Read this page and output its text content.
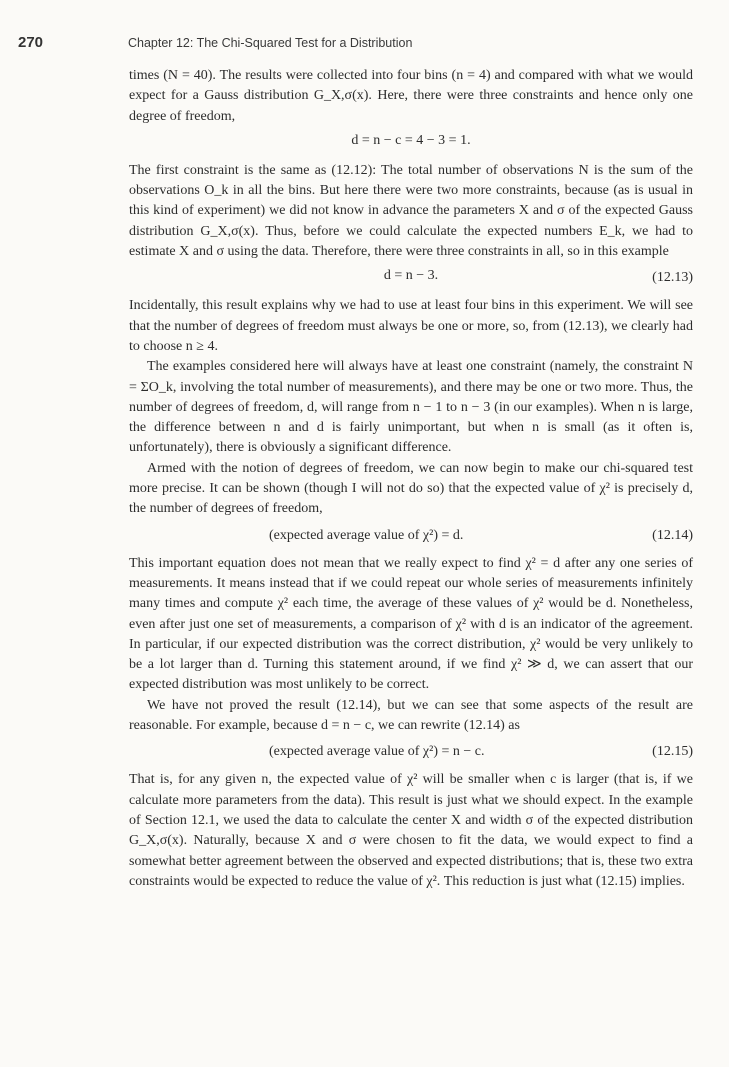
270	Chapter 12: The Chi-Squared Test for a Distribution

times (N = 40). The results were collected into four bins (n = 4) and compared with what we would expect for a Gauss distribution G_X,σ(x). Here, there were three constraints and hence only one degree of freedom,

d = n − c = 4 − 3 = 1.

The first constraint is the same as (12.12): The total number of observations N is the sum of the observations O_k in all the bins. But here there were two more constraints, because (as is usual in this kind of experiment) we did not know in advance the parameters X and σ of the expected Gauss distribution G_X,σ(x). Thus, before we could calculate the expected numbers E_k, we had to estimate X and σ using the data. Therefore, there were three constraints in all, so in this example

d = n − 3.	(12.13)

Incidentally, this result explains why we had to use at least four bins in this experiment. We will see that the number of degrees of freedom must always be one or more, so, from (12.13), we clearly had to choose n ≥ 4.

The examples considered here will always have at least one constraint (namely, the constraint N = ΣO_k, involving the total number of measurements), and there may be one or two more. Thus, the number of degrees of freedom, d, will range from n − 1 to n − 3 (in our examples). When n is large, the difference between n and d is fairly unimportant, but when n is small (as it often is, unfortunately), there is obviously a significant difference.

Armed with the notion of degrees of freedom, we can now begin to make our chi-squared test more precise. It can be shown (though I will not do so) that the expected value of χ² is precisely d, the number of degrees of freedom,

(expected average value of χ²) = d.	(12.14)

This important equation does not mean that we really expect to find χ² = d after any one series of measurements. It means instead that if we could repeat our whole series of measurements infinitely many times and compute χ² each time, the average of these values of χ² would be d. Nonetheless, even after just one set of measurements, a comparison of χ² with d is an indicator of the agreement. In particular, if our expected distribution was the correct distribution, χ² would be very unlikely to be a lot larger than d. Turning this statement around, if we find χ² ≫ d, we can assert that our expected distribution was most unlikely to be correct.

We have not proved the result (12.14), but we can see that some aspects of the result are reasonable. For example, because d = n − c, we can rewrite (12.14) as

(expected average value of χ²) = n − c.	(12.15)

That is, for any given n, the expected value of χ² will be smaller when c is larger (that is, if we calculate more parameters from the data). This result is just what we should expect. In the example of Section 12.1, we used the data to calculate the center X and width σ of the expected distribution G_X,σ(x). Naturally, because X and σ were chosen to fit the data, we would expect to find a somewhat better agreement between the observed and expected distributions; that is, these two extra constraints would be expected to reduce the value of χ². This reduction is just what (12.15) implies.
